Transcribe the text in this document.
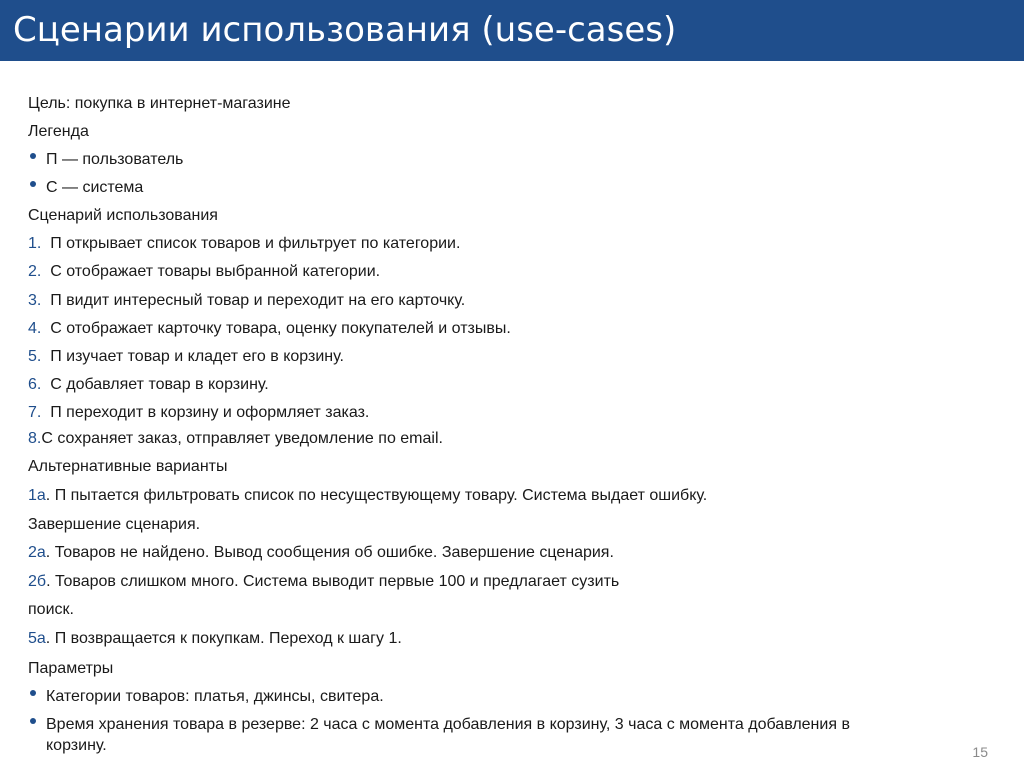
Сценарии использования (use-cases)
Цель: покупка в интернет-магазине
Легенда
П — пользователь
С — система
Сценарий использования
1. П открывает список товаров и фильтрует по категории.
2. С отображает товары выбранной категории.
3. П видит интересный товар и переходит на его карточку.
4. С отображает карточку товара, оценку покупателей и отзывы.
5. П изучает товар и кладет его в корзину.
6. С добавляет товар в корзину.
7. П переходит в корзину и оформляет заказ.
8.С сохраняет заказ, отправляет уведомление по email.
Альтернативные варианты
1а. П пытается фильтровать список по несуществующему товару. Система выдает ошибку.
Завершение сценария.
2а. Товаров не найдено. Вывод сообщения об ошибке. Завершение сценария.
2б. Товаров слишком много. Система выводит первые 100 и предлагает сузить
поиск.
5а. П возвращается к покупкам. Переход к шагу 1.
Параметры
Категории товаров: платья, джинсы, свитера.
Время хранения товара в резерве: 2 часа с момента добавления в корзину, 3 часа с момента добавления в
корзину.	15
